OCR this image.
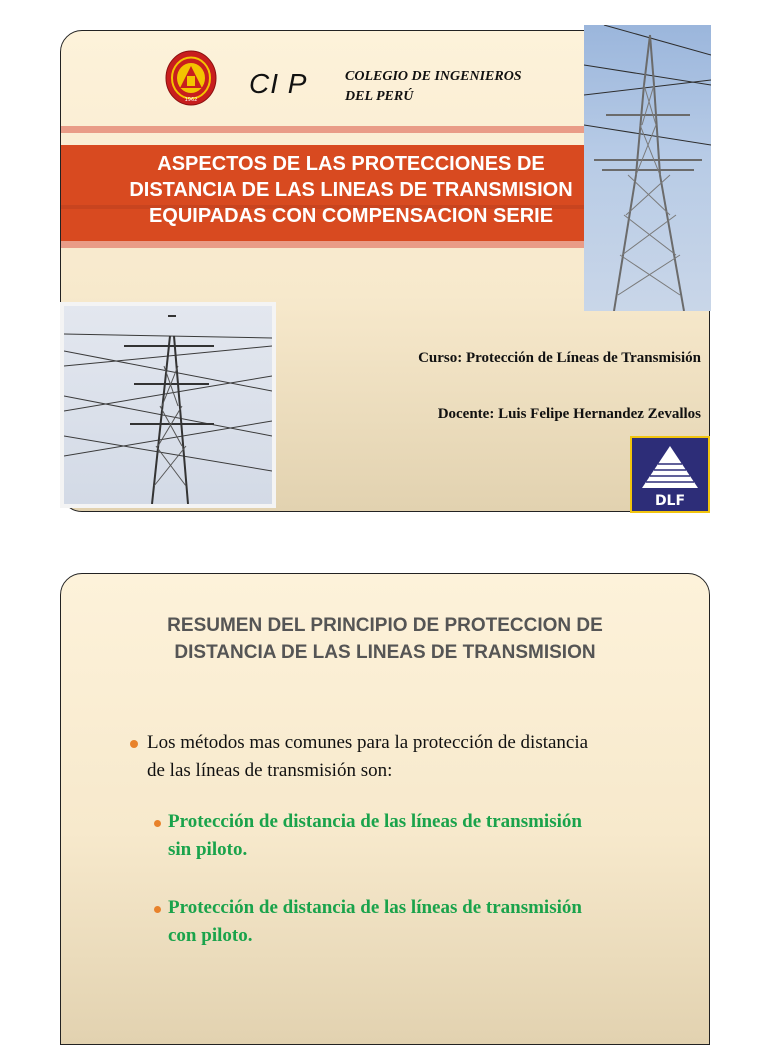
1962
CI P	COLEGIO DE INGENIEROS
DEL PERÚ
ASPECTOS DE LAS PROTECCIONES DE
DISTANCIA DE LAS LINEAS DE TRANSMISION
EQUIPADAS CON COMPENSACION SERIE
Curso: Protección de Líneas de Transmisión
Docente: Luis Felipe Hernandez Zevallos
DLF
RESUMEN DEL PRINCIPIO DE PROTECCION DE
DISTANCIA DE LAS LINEAS DE TRANSMISION
Los métodos mas comunes para la protección de distancia
de las líneas de transmisión son:
Protección de distancia de las líneas de transmisión
sin piloto.
Protección de distancia de las líneas de transmisión
con piloto.
